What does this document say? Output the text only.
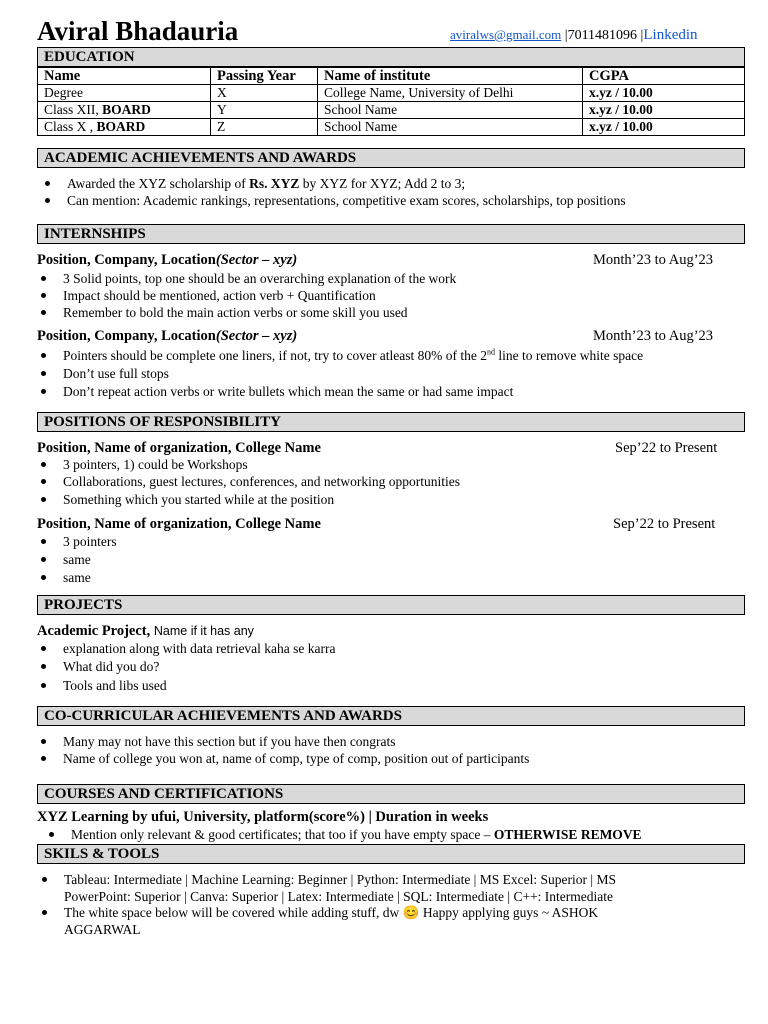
Aviral Bhadauria	aviralws@gmail.com |7011481096 |Linkedin
EDUCATION
Name	Passing Year	Name of institute	CGPA
Degree	X	College Name, University of Delhi	x.yz / 10.00
Class XII, BOARD	Y	School Name	x.yz / 10.00
Class X , BOARD	Z	School Name	x.yz / 10.00
ACADEMIC ACHIEVEMENTS AND AWARDS
Awarded the XYZ scholarship of Rs. XYZ by XYZ for XYZ; Add 2 to 3;
Can mention: Academic rankings, representations, competitive exam scores, scholarships, top positions
INTERNSHIPS
Position, Company, Location(Sector – xyz)	Month’23 to Aug’23
3 Solid points, top one should be an overarching explanation of the work
Impact should be mentioned, action verb + Quantification
Remember to bold the main action verbs or some skill you used
Position, Company, Location(Sector – xyz)	Month’23 to Aug’23
Pointers should be complete one liners, if not, try to cover atleast 80% of the 2nd line to remove white space
Don’t use full stops
Don’t repeat action verbs or write bullets which mean the same or had same impact
POSITIONS OF RESPONSIBILITY
Position, Name of organization, College Name	Sep’22 to Present
3 pointers, 1) could be Workshops
Collaborations, guest lectures, conferences, and networking opportunities
Something which you started while at the position
Position, Name of organization, College Name	Sep’22 to Present
3 pointers
same
same
PROJECTS
Academic Project, Name if it has any
explanation along with data retrieval kaha se karra
What did you do?
Tools and libs used
CO-CURRICULAR ACHIEVEMENTS AND AWARDS
Many may not have this section but if you have then congrats
Name of college you won at, name of comp, type of comp, position out of participants
COURSES AND CERTIFICATIONS
XYZ Learning by ufui, University, platform(score%) | Duration in weeks
Mention only relevant & good certificates; that too if you have empty space – OTHERWISE REMOVE
SKILS & TOOLS
Tableau: Intermediate | Machine Learning: Beginner | Python: Intermediate | MS Excel: Superior | MS
PowerPoint: Superior | Canva: Superior | Latex: Intermediate | SQL: Intermediate | C++: Intermediate
The white space below will be covered while adding stuff, dw 😊 Happy applying guys ~ ASHOK
AGGARWAL
